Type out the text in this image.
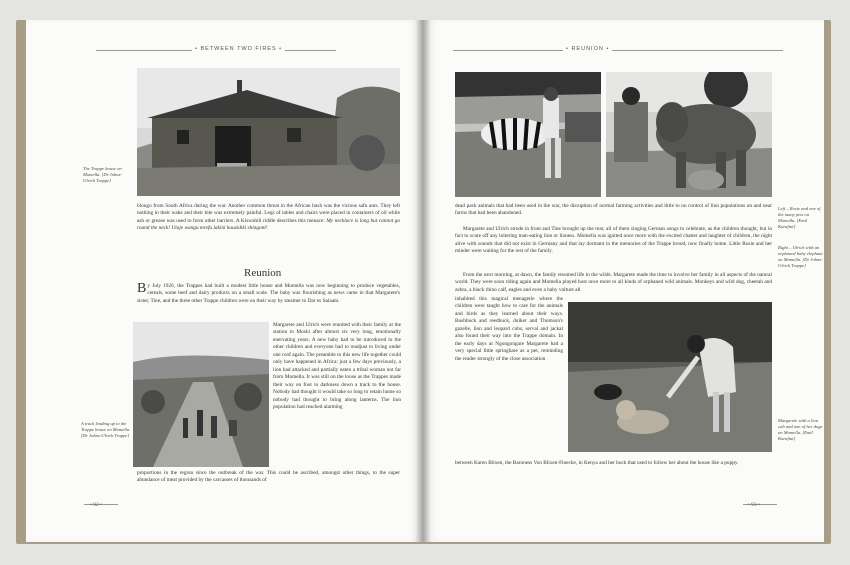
• BETWEEN TWO FIRES •
The Trappe house on Momella. [Dr Johns-Ulrich Trappe]
blougo from South Africa during the war. Another common threat in the African bush was the vicious safu ants. They left nothing in their wake and their bite was extremely painful. Legs of tables and chairs were placed in containers of oil while ash or grease was used to form other barriers. A Kiswahili riddle describes this menace: My necklace is long but cannot go round the neck! Utaje wangu mrefu lakini hauzidiki shingoni!
Reunion
By July 1926, the Trappes had built a modest little house and Momella was now beginning to produce vegetables, cereals, some beef and dairy products on a small scale. The baby was flourishing as news came in that Margarete's sister, Tine, and the three other Trappe children were on their way by steamer to Dar es Salaam.
A track leading up to the Trappe house on Momella. [Dr Johns-Ulrich Trappe]
Margarete and Ulrich were reunited with their family at the station in Moshi after almost six very long, emotionally enervating years. A new baby had to be introduced to the other children and everyone had to readjust to living under one roof again. The preamble to this new life together could only have happened in Africa: just a few days previously, a lion had attacked and partially eaten a tribal woman not far from Momella. It was still on the loose as the Trappes made their way on foot in darkness down a track to the house. Nobody had thought it would take so long to retain home so nobody had thought to bring along lanterns. The lion population had reached alarming
proportions in the region since the outbreak of the war. This could be ascribed, amongst other things, to the super abundance of meat provided by the carcasses of thousands of
• 92 •
• REUNION •
Left – Rosie and one of the many pets on Momella. [Emil Karafiat]
Right – Ulrich with an orphaned baby elephant on Momella. [Dr Johns-Ulrich Trappe]
dead pack animals that had been used in the war, the disruption of normal farming activities and little to no control of lion populations on and near farms that had been abandoned.
Margarete and Ulrich strode in front and Tine brought up the rear, all of them singing German songs to celebrate, as the children thought, but in fact to scare off any loitering man-eating lion or lioness. Momella was ignited once more with the excited chatter and laughter of children, the night alive with sounds that did not exist in Germany and that lay dormant in the memories of the Trappe brood, now finally home. Little Rosie and her minder were waiting for the rest of the family.
From the next morning, at dawn, the family resumed life in the wilds. Margarete made the time to involve her family in all aspects of the natural world. They were soon riding again and Momella played host once more to all kinds of orphaned wild animals. Monkeys and wild dog, cheetah and zebra, a black rhino calf, eagles and even a baby vulture all
inhabited this magical menagerie where the children were taught how to care for the animals and birds as they learned about their ways. Bushbuck and reedbuck, duiker and Thomson's gazelle, lion and leopard cubs, serval and jackal also found their way into the Trappe domain. In the early days at Ngongongare Margarete had a very special little springhare as a pet, reminding the reader strongly of the close association
Margarete with a lion cub and one of her dogs on Momella. [Emil Karafiat]
between Karen Blixen, the Baroness Von Blixen-Finecke, in Kenya and her buck that used to follow her about the house like a puppy.
• 93 •
